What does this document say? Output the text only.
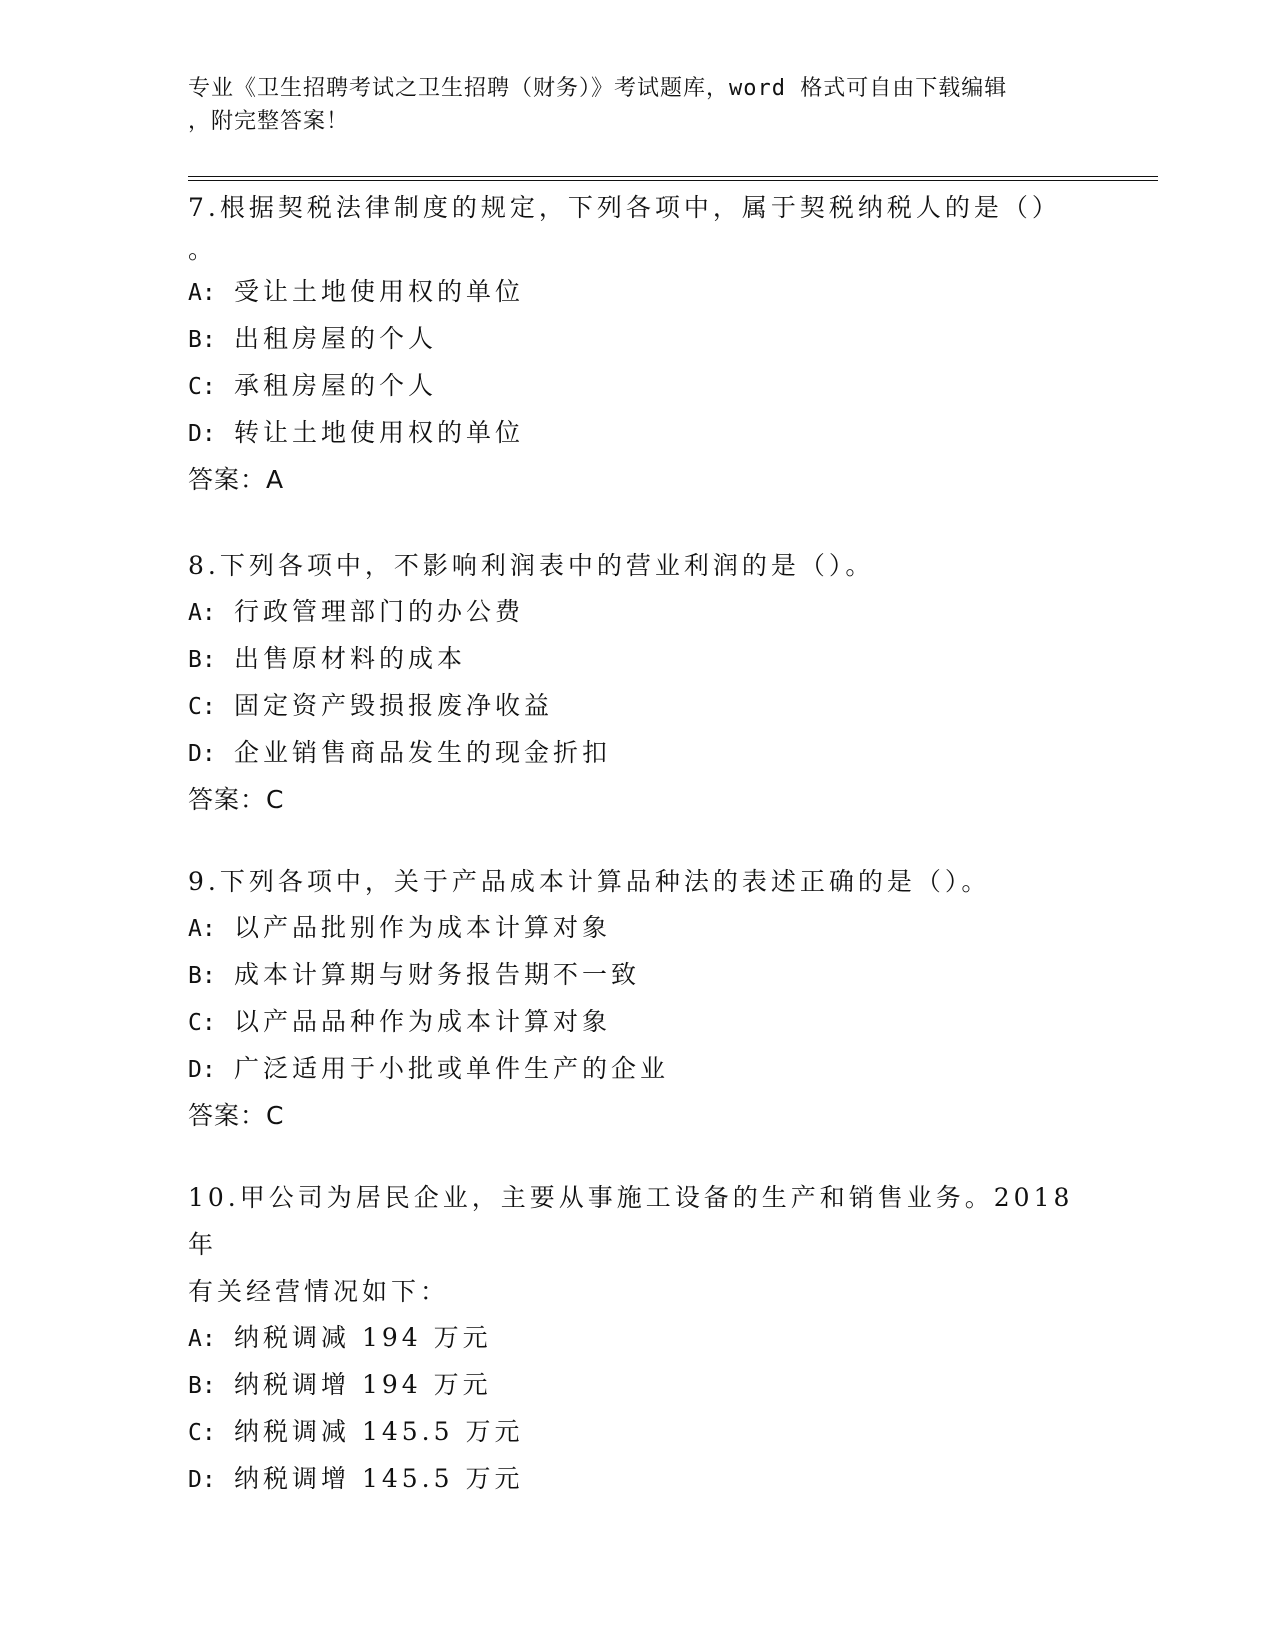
专业《卫生招聘考试之卫生招聘（财务）》考试题库，word 格式可自由下载编辑
，附完整答案！

7.根据契税法律制度的规定，下列各项中，属于契税纳税人的是（）

。

A: 受让土地使用权的单位

B: 出租房屋的个人

C: 承租房屋的个人

D: 转让土地使用权的单位

答案：A

8.下列各项中，不影响利润表中的营业利润的是（）。

A: 行政管理部门的办公费

B: 出售原材料的成本

C: 固定资产毁损报废净收益

D: 企业销售商品发生的现金折扣

答案：C

9.下列各项中，关于产品成本计算品种法的表述正确的是（）。

A: 以产品批别作为成本计算对象

B: 成本计算期与财务报告期不一致

C: 以产品品种作为成本计算对象

D: 广泛适用于小批或单件生产的企业

答案：C

10.甲公司为居民企业，主要从事施工设备的生产和销售业务。2018 年

有关经营情况如下：

A: 纳税调减 194 万元

B: 纳税调增 194 万元

C: 纳税调减 145.5 万元

D: 纳税调增 145.5 万元
